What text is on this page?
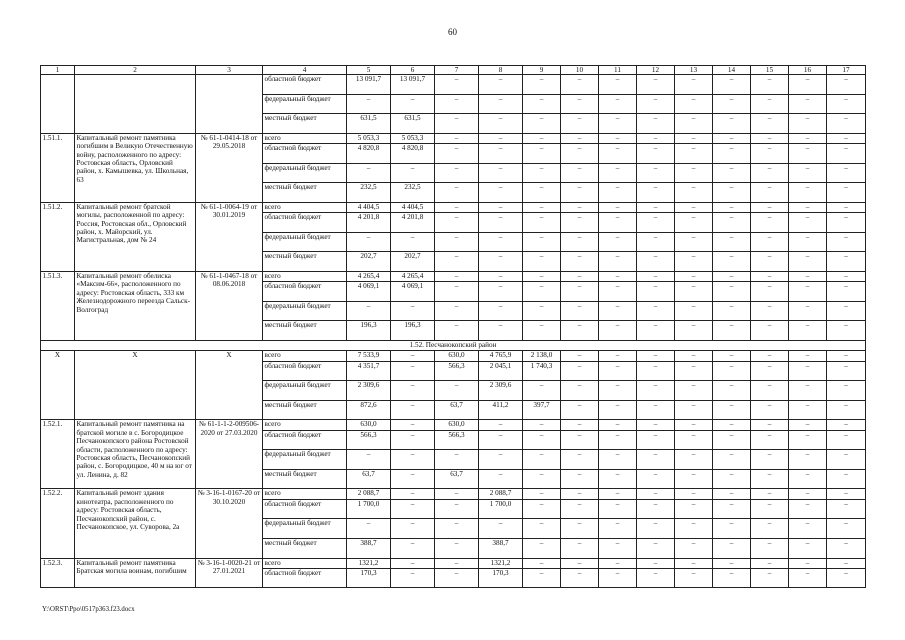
60
1	2	3	4	5	6	7	8	9	10	11	12	13	14	15	16	17
			областной бюджет	13 091,7	13 091,7	–	–	–	–	–	–	–	–	–	–	–
			федеральный бюджет	–	–	–	–	–	–	–	–	–	–	–	–	–
			местный бюджет	631,5	631,5	–	–	–	–	–	–	–	–	–	–	–
1.51.1.	Капитальный ремонт памятника погибшим в Великую Отечественную войну, расположенного по адресу: Ростовская область, Орловский район, х. Камышевка, ул. Школьная, 63	№ 61-1-0414-18 от 29.05.2018	всего	5 053,3	5 053,3	–	–	–	–	–	–	–	–	–	–	–
			областной бюджет	4 820,8	4 820,8	–	–	–	–	–	–	–	–	–	–	–
			федеральный бюджет	–	–	–	–	–	–	–	–	–	–	–	–	–
			местный бюджет	232,5	232,5	–	–	–	–	–	–	–	–	–	–	–
1.51.2.	Капитальный ремонт братской могилы, расположенной по адресу: Россия, Ростовская обл., Орловский район, х. Майорский, ул. Магистральная, дом № 24	№ 61-1-0064-19 от 30.01.2019	всего	4 404,5	4 404,5	–	–	–	–	–	–	–	–	–	–	–
			областной бюджет	4 201,8	4 201,8	–	–	–	–	–	–	–	–	–	–	–
			федеральный бюджет	–	–	–	–	–	–	–	–	–	–	–	–	–
			местный бюджет	202,7	202,7	–	–	–	–	–	–	–	–	–	–	–
1.51.3.	Капитальный ремонт обелиска «Максим-66», расположенного по адресу: Ростовская область, 333 км Железнодорожного переезда Сальск-Волгоград	№ 61-1-0467-18 от 08.06.2018	всего	4 265,4	4 265,4	–	–	–	–	–	–	–	–	–	–	–
			областной бюджет	4 069,1	4 069,1	–	–	–	–	–	–	–	–	–	–	–
			федеральный бюджет	–	–	–	–	–	–	–	–	–	–	–	–	–
			местный бюджет	196,3	196,3	–	–	–	–	–	–	–	–	–	–	–
1.52. Песчанокопский район																
X	X	X	всего	7 533,9	–	630,0	4 765,9	2 138,0	–	–	–	–	–	–	–	–
			областной бюджет	4 351,7	–	566,3	2 045,1	1 740,3	–	–	–	–	–	–	–	–
			федеральный бюджет	2 309,6	–	–	2 309,6	–	–	–	–	–	–	–	–	–
			местный бюджет	872,6	–	63,7	411,2	397,7	–	–	–	–	–	–	–	–
1.52.1.	Капитальный ремонт памятника на братской могиле в с. Богородицкое Песчанокопского района Ростовской области, расположенного по адресу: Ростовская область, Песчанокопский район, с. Богородицкое, 40 м на юг от ул. Ленина, д. 82	№ 61-1-1-2-009506-2020 от 27.03.2020	всего	630,0	–	630,0	–	–	–	–	–	–	–	–	–	–
			областной бюджет	566,3	–	566,3	–	–	–	–	–	–	–	–	–	–
			федеральный бюджет	–	–	–	–	–	–	–	–	–	–	–	–	–
			местный бюджет	63,7	–	63,7	–	–	–	–	–	–	–	–	–	–
1.52.2.	Капитальный ремонт здания кинотеатра, расположенного по адресу: Ростовская область, Песчанокопский район, с. Песчанокопское, ул. Суворова, 2а	№ 3-16-1-0167-20 от 30.10.2020	всего	2 088,7	–	–	2 088,7	–	–	–	–	–	–	–	–	–
			областной бюджет	1 700,0	–	–	1 700,0	–	–	–	–	–	–	–	–	–
			федеральный бюджет	–	–	–	–	–	–	–	–	–	–	–	–	–
			местный бюджет	388,7	–	–	388,7	–	–	–	–	–	–	–	–	–
1.52.3.	Капитальный ремонт памятника Братская могила воинам, погибшим	№ 3-16-1-0020-21 от 27.01.2021	всего	1321,2	–	–	1321,2	–	–	–	–	–	–	–	–	–
			областной бюджет	170,3	–	–	170,3	–	–	–	–	–	–	–	–	–
Y:\ORST\Ppo\0517p363.f23.docx
